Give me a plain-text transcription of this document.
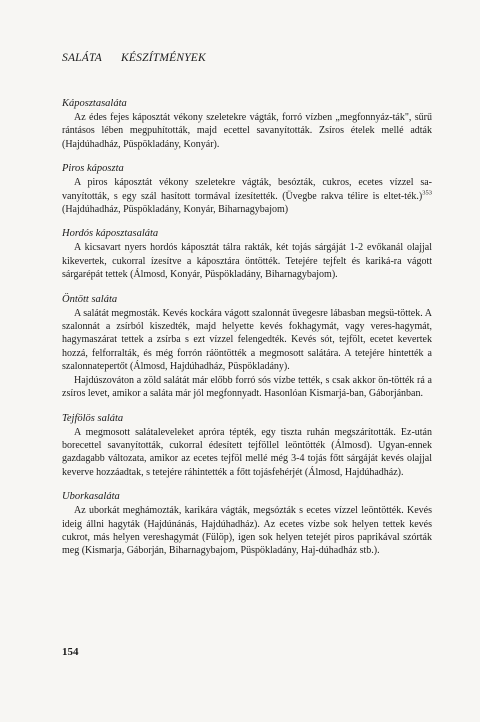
SALÁTA KÉSZÍTMÉNYEK
Káposztasaláta

Az édes fejes káposztát vékony szeletekre vágták, forró vízben „megfonnyáz-ták", sűrű rántásos lében megpuhították, majd ecettel savanyították. Zsíros ételek mellé adták (Hajdúhadház, Püspökladány, Konyár).

Piros káposzta

A piros káposztát vékony szeletekre vágták, besózták, cukros, ecetes vízzel sa-vanyították, s egy szál hasított tormával ízesítették. (Üvegbe rakva télire is eltet-ték.)$^{353}$ (Hajdúhadház, Püspökladány, Konyár, Biharnagybajom)

Hordós káposztasaláta

A kicsavart nyers hordós káposztát tálra rakták, két tojás sárgáját 1-2 evőkanál olajjal kikevertek, cukorral ízesítve a káposztára öntötték. Tetejére tejfelt és kariká-ra vágott sárgarépát tettek (Álmosd, Konyár, Püspökladány, Biharnagybajom).

Öntött saláta

A salátát megmosták. Kevés kockára vágott szalonnát üvegesre lábasban megsü-töttek. A szalonnát a zsírból kiszedték, majd helyette kevés fokhagymát, vagy veres-hagymát, hagymaszárat tettek a zsírba s ezt vízzel felengedték. Kevés sót, tejfölt, ecetet kevertek hozzá, felforralták, és még forrón ráöntötték a megmosott salátára. A tetejére hintették a szalonnatepertőt (Álmosd, Hajdúhadház, Püspökladány).

Hajdúszováton a zöld salátát már előbb forró sós vízbe tették, s csak akkor ön-tötték rá a zsíros levet, amikor a saláta már jól megfonnyadt. Hasonlóan Kismarjá-ban, Gáborjánban.

Tejfölös saláta

A megmosott salátaleveleket apróra tépték, egy tiszta ruhán megszárították. Ez-után borecettel savanyították, cukorral édesített tejföllel leöntötték (Álmosd). Ugyan-ennek gazdagabb változata, amikor az ecetes tejföl mellé még 3-4 tojás főtt sárgáját kevés olajjal keverve hozzáadtak, s tetejére ráhintették a főtt tojásfehérjét (Álmosd, Hajdúhadház).

Uborkasaláta

Az uborkát meghámozták, karikára vágták, megsózták s ecetes vízzel leöntötték. Kevés ideig állni hagyták (Hajdúnánás, Hajdúhadház). Az ecetes vízbe sok helyen tettek kevés cukrot, más helyen vereshagymát (Fülöp), igen sok helyen tetejét piros paprikával szórták meg (Kismarja, Gáborján, Biharnagybajom, Püspökladány, Haj-dúhadház stb.).

154
